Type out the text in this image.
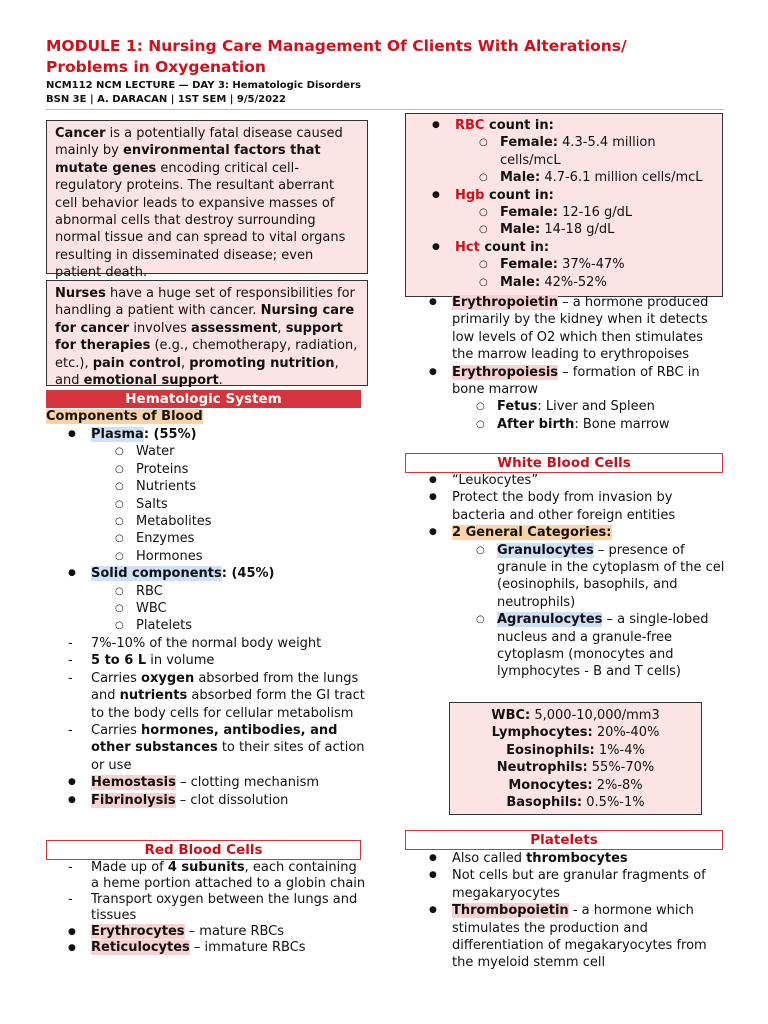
MODULE 1: Nursing Care Management Of Clients With Alterations/
Problems in Oxygenation
NCM112 NCM LECTURE — DAY 3: Hematologic Disorders
BSN 3E | A. DARACAN | 1ST SEM | 9/5/2022
Cancer is a potentially fatal disease caused mainly by environmental factors that mutate genes encoding critical cell-regulatory proteins. The resultant aberrant cell behavior leads to expansive masses of abnormal cells that destroy surrounding normal tissue and can spread to vital organs resulting in disseminated disease; even patient death.
Nurses have a huge set of responsibilities for handling a patient with cancer. Nursing care for cancer involves assessment, support for therapies (e.g., chemotherapy, radiation, etc.), pain control, promoting nutrition, and emotional support.
Hematologic System
Components of Blood
● Plasma: (55%)
○ Water
○ Proteins
○ Nutrients
○ Salts
○ Metabolites
○ Enzymes
○ Hormones
● Solid components: (45%)
○ RBC
○ WBC
○ Platelets
- 7%-10% of the normal body weight
- 5 to 6 L in volume
- Carries oxygen absorbed from the lungs and nutrients absorbed form the GI tract to the body cells for cellular metabolism
- Carries hormones, antibodies, and other substances to their sites of action or use
● Hemostasis – clotting mechanism
● Fibrinolysis – clot dissolution
Red Blood Cells
- Made up of 4 subunits, each containing a heme portion attached to a globin chain
- Transport oxygen between the lungs and tissues
● Erythrocytes – mature RBCs
● Reticulocytes – immature RBCs
● RBC count in:
○ Female: 4.3-5.4 million cells/mcL
○ Male: 4.7-6.1 million cells/mcL
● Hgb count in:
○ Female: 12-16 g/dL
○ Male: 14-18 g/dL
● Hct count in:
○ Female: 37%-47%
○ Male: 42%-52%
● Erythropoietin – a hormone produced primarily by the kidney when it detects low levels of O2 which then stimulates the marrow leading to erythropoises
● Erythropoiesis – formation of RBC in bone marrow
○ Fetus: Liver and Spleen
○ After birth: Bone marrow
White Blood Cells
● “Leukocytes”
● Protect the body from invasion by bacteria and other foreign entities
● 2 General Categories:
○ Granulocytes – presence of granule in the cytoplasm of the cel (eosinophils, basophils, and neutrophils)
○ Agranulocytes – a single-lobed nucleus and a granule-free cytoplasm (monocytes and lymphocytes - B and T cells)
WBC: 5,000-10,000/mm3
Lymphocytes: 20%-40%
Eosinophils: 1%-4%
Neutrophils: 55%-70%
Monocytes: 2%-8%
Basophils: 0.5%-1%
Platelets
● Also called thrombocytes
● Not cells but are granular fragments of megakaryocytes
● Thrombopoietin - a hormone which stimulates the production and differentiation of megakaryocytes from the myeloid stemm cell
